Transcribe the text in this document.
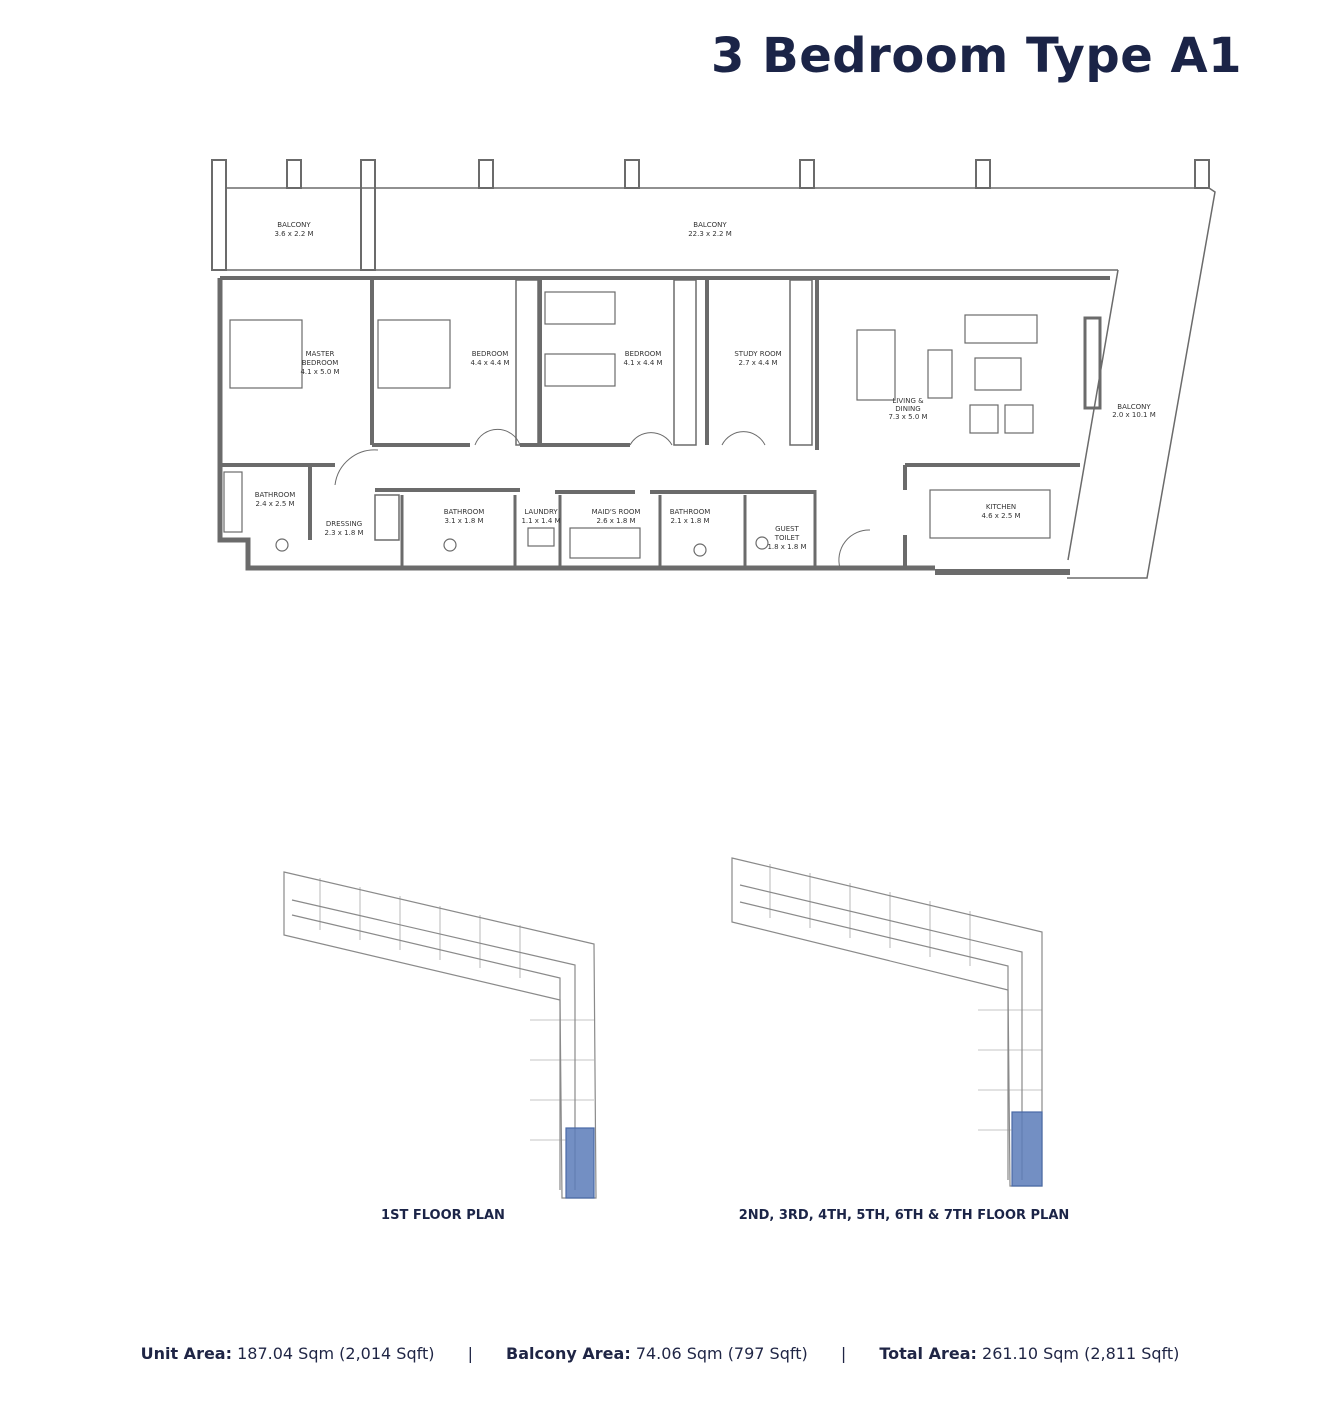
3 Bedroom Type A1
BALCONY
3.6 x 2.2 M
BALCONY
22.3 x 2.2 M
MASTER
BEDROOM
4.1 x 5.0 M
BEDROOM
4.4 x 4.4 M
BEDROOM
4.1 x 4.4 M
STUDY ROOM
2.7 x 4.4 M
LIVING &
DINING
7.3 x 5.0 M
BALCONY
2.0 x 10.1 M
BATHROOM
2.4 x 2.5 M
DRESSING
2.3 x 1.8 M
BATHROOM
3.1 x 1.8 M
LAUNDRY
1.1 x 1.4 M
MAID'S ROOM
2.6 x 1.8 M
BATHROOM
2.1 x 1.8 M
GUEST
TOILET
1.8 x 1.8 M
KITCHEN
4.6 x 2.5 M
1ST FLOOR PLAN	2ND, 3RD, 4TH, 5TH, 6TH & 7TH FLOOR PLAN
Unit Area: 187.04 Sqm (2,014 Sqft) | Balcony Area: 74.06 Sqm (797 Sqft) | Total Area: 261.10 Sqm (2,811 Sqft)
